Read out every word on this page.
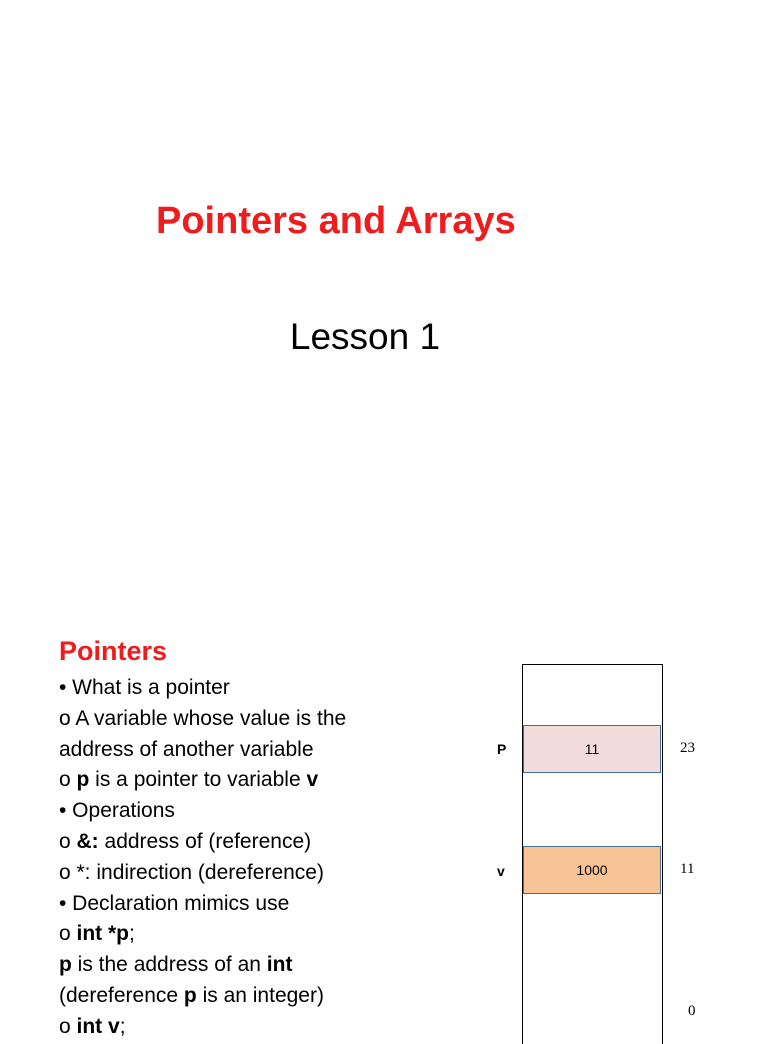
Pointers and Arrays
Lesson 1
Pointers
• What is a pointer
o A variable whose value is the
address of another variable
o p is a pointer to variable v
• Operations
o &: address of (reference)
o *: indirection (dereference)
• Declaration mimics use
o int *p;
p is the address of an int
(dereference p is an integer)
o int v;
P	11	23
v	1000	11
0
